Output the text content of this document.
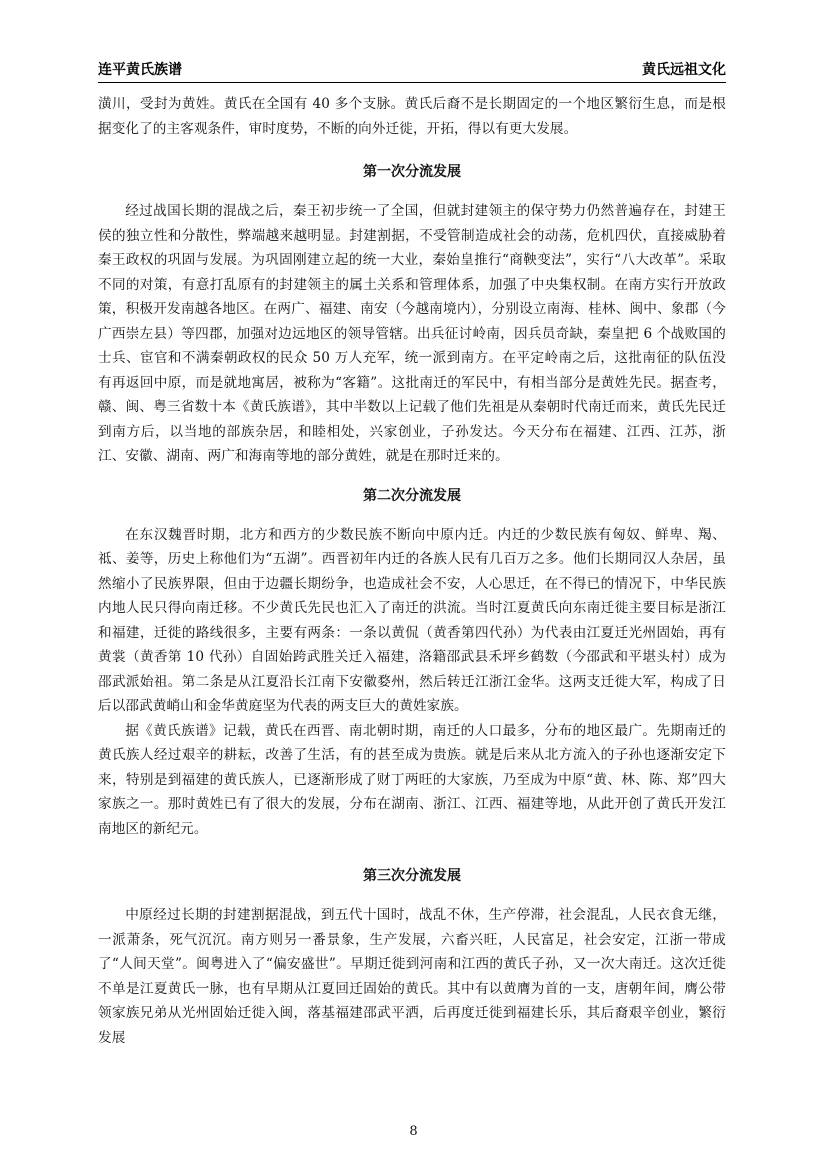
连平黄氏族谱	黄氏远祖文化

潢川，受封为黄姓。黄氏在全国有 40 多个支脉。黄氏后裔不是长期固定的一个地区繁衍生息，而是根据变化了的主客观条件，审时度势，不断的向外迁徙，开拓，得以有更大发展。

第一次分流发展

经过战国长期的混战之后，秦王初步统一了全国，但就封建领主的保守势力仍然普遍存在，封建王侯的独立性和分散性，弊端越来越明显。封建割据，不受管制造成社会的动荡，危机四伏，直接威胁着秦王政权的巩固与发展。为巩固刚建立起的统一大业，秦始皇推行“商鞅变法”，实行“八大改革”。采取不同的对策，有意打乱原有的封建领主的属土关系和管理体系，加强了中央集权制。在南方实行开放政策，积极开发南越各地区。在两广、福建、南安（今越南境内），分别设立南海、桂林、闽中、象郡（今广西崇左县）等四郡，加强对边远地区的领导管辖。出兵征讨岭南，因兵员奇缺，秦皇把 6 个战败国的士兵、宦官和不满秦朝政权的民众 50 万人充军，统一派到南方。在平定岭南之后，这批南征的队伍没有再返回中原，而是就地寓居，被称为“客籍”。这批南迁的军民中，有相当部分是黄姓先民。据查考，赣、闽、粤三省数十本《黄氏族谱》，其中半数以上记载了他们先祖是从秦朝时代南迁而来，黄氏先民迁到南方后，以当地的部族杂居，和睦相处，兴家创业，子孙发达。今天分布在福建、江西、江苏，浙江、安徽、湖南、两广和海南等地的部分黄姓，就是在那时迁来的。

第二次分流发展

在东汉魏晋时期，北方和西方的少数民族不断向中原内迁。内迁的少数民族有匈奴、鲜卑、羯、祗、姜等，历史上称他们为“五湖”。西晋初年内迁的各族人民有几百万之多。他们长期同汉人杂居，虽然缩小了民族界限，但由于边疆长期纷争，也造成社会不安，人心思迁，在不得已的情况下，中华民族内地人民只得向南迁移。不少黄氏先民也汇入了南迁的洪流。当时江夏黄氏向东南迁徙主要目标是浙江和福建，迁徙的路线很多，主要有两条：一条以黄侃（黄香第四代孙）为代表由江夏迁光州固始，再有黄裳（黄香第 10 代孙）自固始跨武胜关迁入福建，洛籍邵武县禾坪乡鹤数（今邵武和平堪头村）成为邵武派始祖。第二条是从江夏沿长江南下安徽婺州，然后转迁江浙江金华。这两支迁徙大军，构成了日后以邵武黄峭山和金华黄庭坚为代表的两支巨大的黄姓家族。

据《黄氏族谱》记载，黄氏在西晋、南北朝时期，南迁的人口最多，分布的地区最广。先期南迁的黄氏族人经过艰辛的耕耘，改善了生活，有的甚至成为贵族。就是后来从北方流入的子孙也逐渐安定下来，特别是到福建的黄氏族人，已逐渐形成了财丁两旺的大家族，乃至成为中原“黄、林、陈、郑”四大家族之一。那时黄姓已有了很大的发展，分布在湖南、浙江、江西、福建等地，从此开创了黄氏开发江南地区的新纪元。

第三次分流发展

中原经过长期的封建割据混战，到五代十国时，战乱不休，生产停滞，社会混乱，人民衣食无继，一派萧条，死气沉沉。南方则另一番景象，生产发展，六畜兴旺，人民富足，社会安定，江浙一带成了“人间天堂”。闽粤进入了“偏安盛世”。早期迁徙到河南和江西的黄氏子孙，又一次大南迁。这次迁徙不单是江夏黄氏一脉，也有早期从江夏回迁固始的黄氏。其中有以黄膺为首的一支，唐朝年间，膺公带领家族兄弟从光州固始迁徙入闽，落基福建邵武平洒，后再度迁徙到福建长乐，其后裔艰辛创业，繁衍发展

8
